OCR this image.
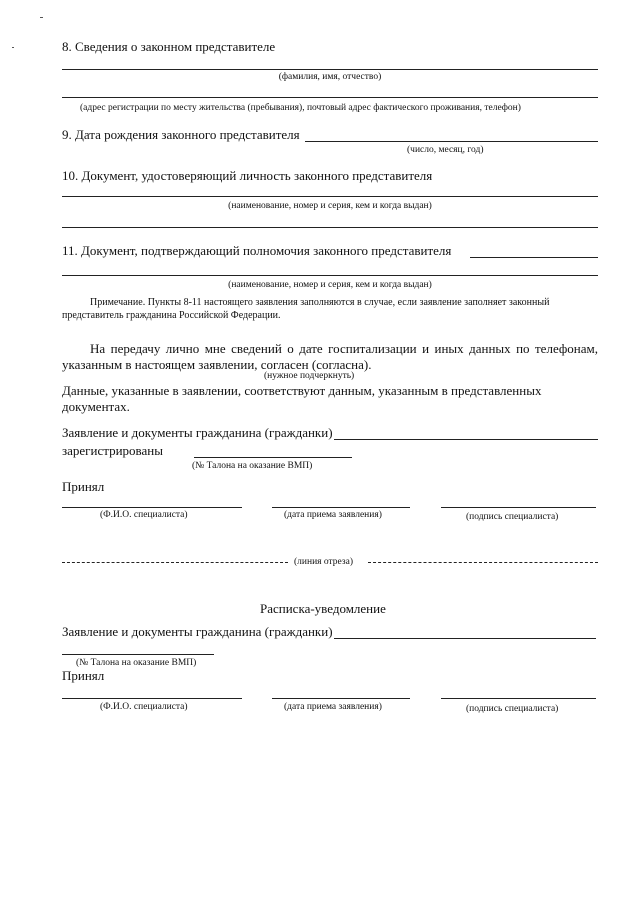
8. Сведения о законном представителе
(фамилия, имя, отчество)
(адрес регистрации по месту жительства (пребывания), почтовый адрес фактического проживания, телефон)
9. Дата рождения законного представителя
(число, месяц, год)
10. Документ, удостоверяющий личность законного представителя
(наименование, номер и серия, кем и когда выдан)
11. Документ, подтверждающий полномочия законного представителя
(наименование, номер и серия, кем и когда выдан)
Примечание. Пункты 8-11 настоящего заявления заполняются в случае, если заявление заполняет законный представитель гражданина Российской Федерации.
На передачу лично мне сведений о дате госпитализации и иных данных по телефонам, указанным в настоящем заявлении, согласен (согласна).
(нужное подчеркнуть)
Данные, указанные в заявлении, соответствуют данным, указанным в представленных документах.
Заявление и документы гражданина (гражданки)
зарегистрированы
(№ Талона на оказание ВМП)
Принял
(Ф.И.О. специалиста)	(дата приема заявления)	(подпись специалиста)
(линия отреза)
Расписка-уведомление
Заявление и документы гражданина (гражданки)
(№ Талона на оказание ВМП)
Принял
(Ф.И.О. специалиста)	(дата приема заявления)	(подпись специалиста)
